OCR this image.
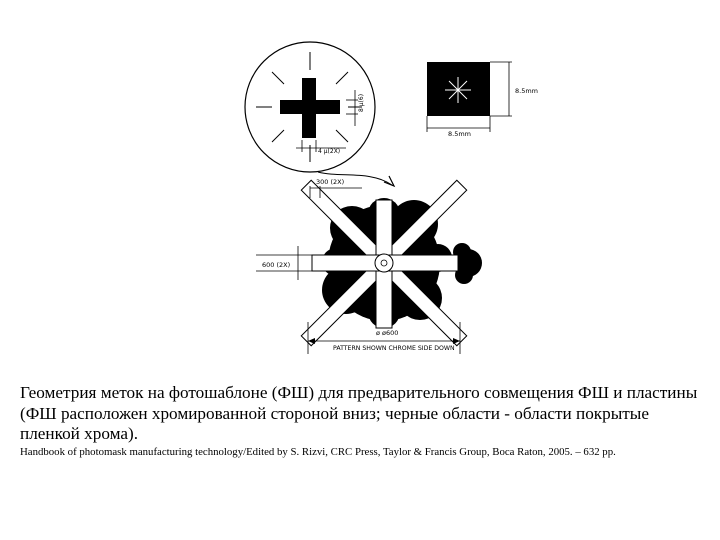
8 μ(6)
4 μ(2X)
8.5mm
8.5mm
300 (2X)
600 (2X)
ø ø600
PATTERN SHOWN CHROME SIDE DOWN
Геометрия меток на фотошаблоне (ФШ) для предварительного совмещения ФШ и пластины (ФШ расположен хромированной стороной вниз; черные области - области покрытые пленкой хрома).
Handbook of photomask manufacturing technology/Edited by S. Rizvi, CRC Press, Taylor & Francis Group, Boca Raton, 2005. – 632 pp.
